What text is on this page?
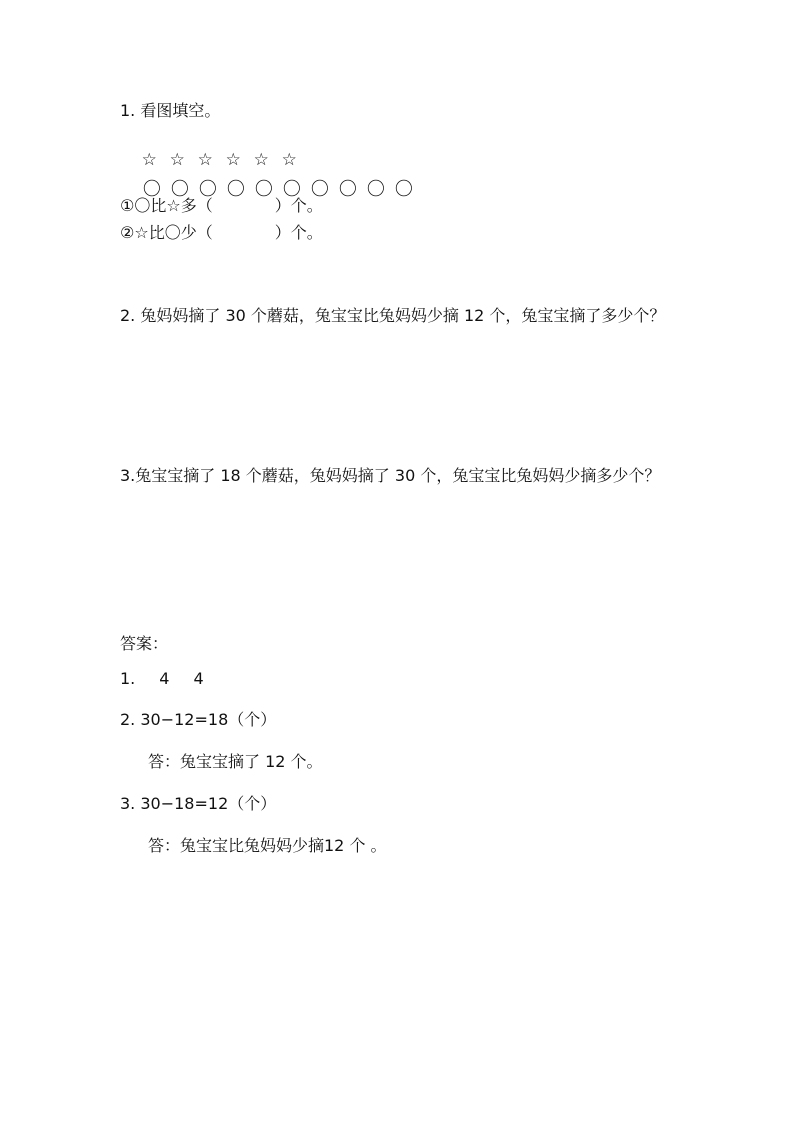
1. 看图填空。

☆ ☆ ☆ ☆ ☆ ☆

〇 〇 〇 〇 〇 〇 〇 〇 〇 〇

①〇比☆多（	）个。
②☆比〇少（	）个。
2. 兔妈妈摘了 30 个蘑菇，兔宝宝比兔妈妈少摘 12 个，兔宝宝摘了多少个？
3.兔宝宝摘了 18 个蘑菇，兔妈妈摘了 30 个，兔宝宝比兔妈妈少摘多少个？
答案：
1. 4 4
2. 30−12=18（个）
答：兔宝宝摘了 12 个。
3. 30−18=12（个）
答：兔宝宝比兔妈妈少摘12 个 。
